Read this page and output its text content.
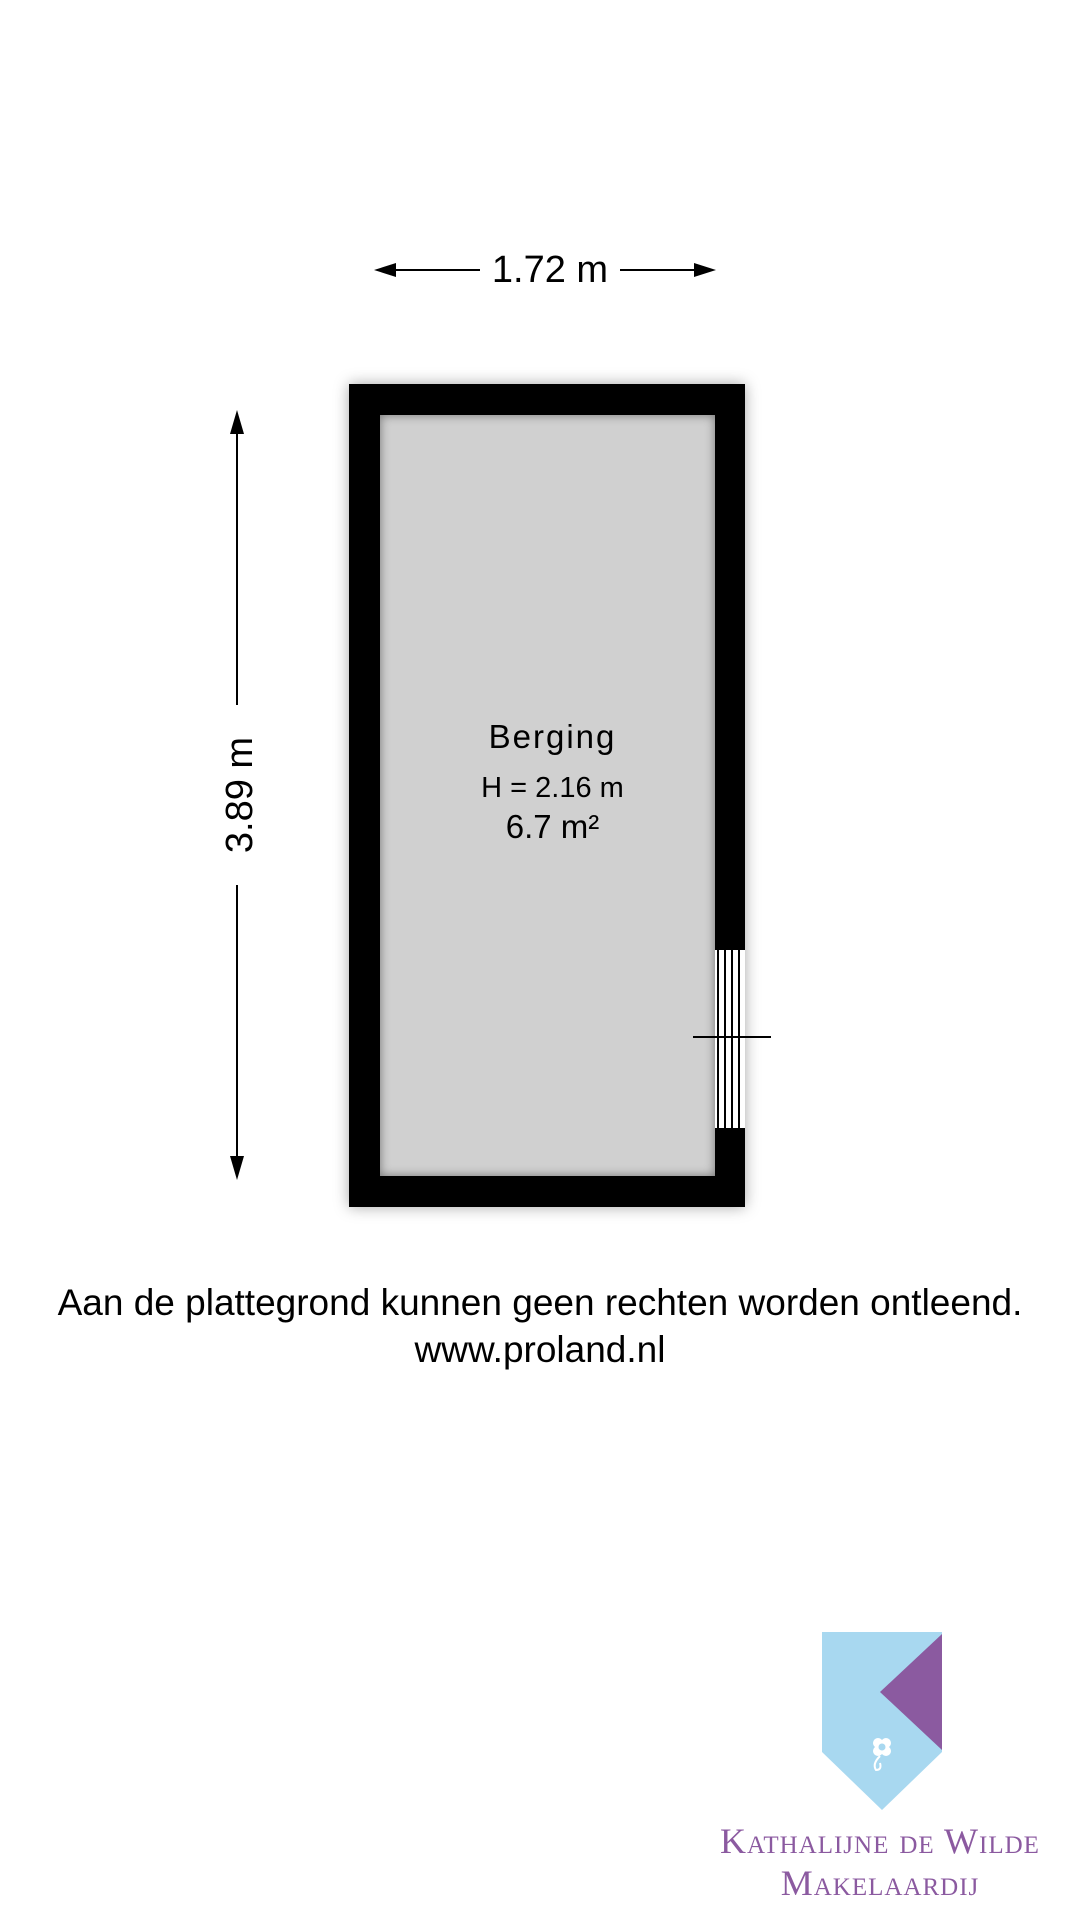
1.72 m
3.89 m
Berging
H = 2.16 m
6.7 m²
Aan de plattegrond kunnen geen rechten worden ontleend.
www.proland.nl
Kathalijne de Wilde
Makelaardij
